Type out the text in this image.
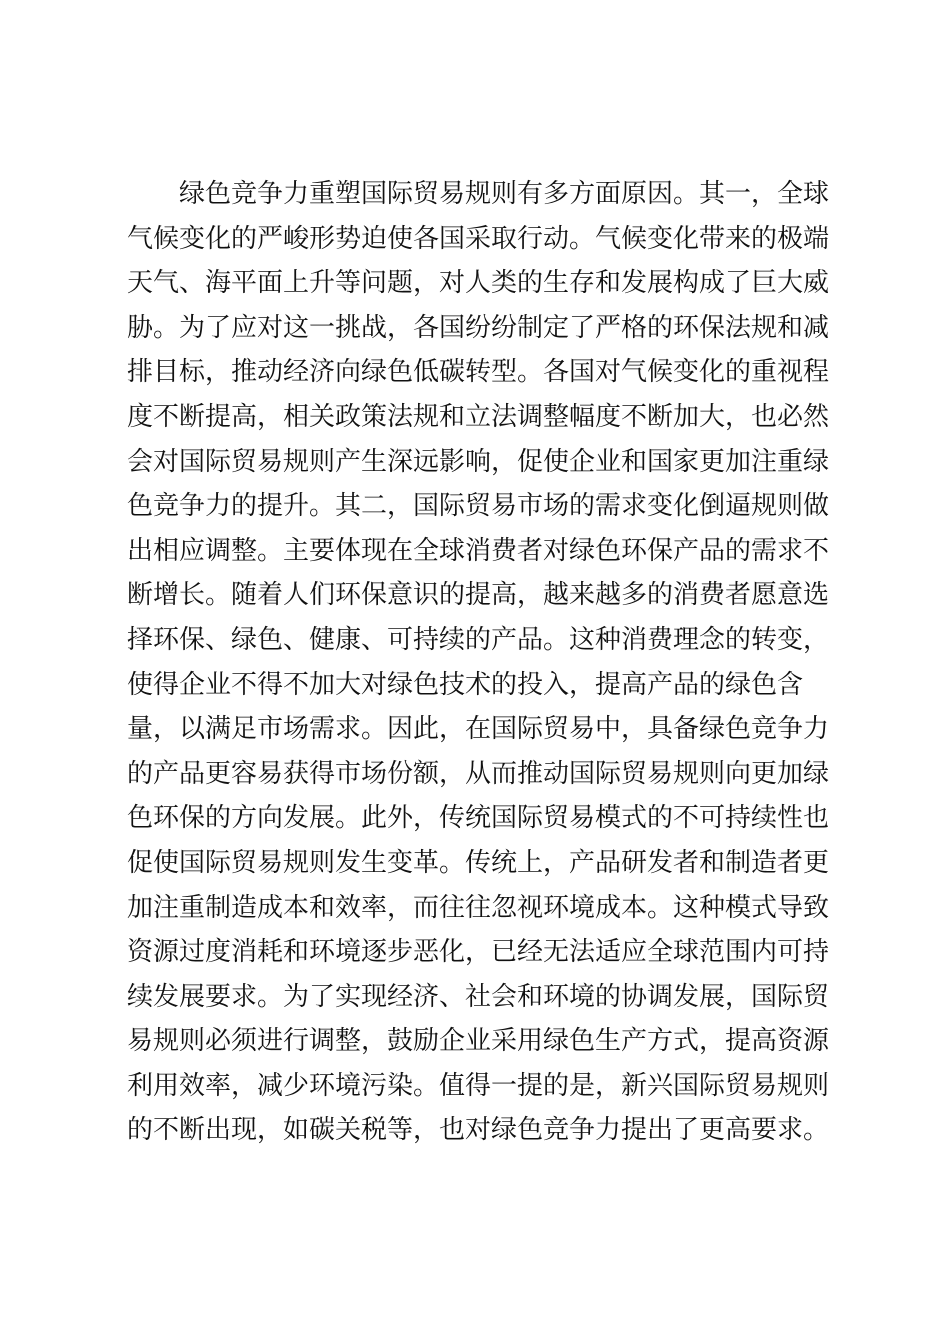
绿色竞争力重塑国际贸易规则有多方面原因。其一，全球
气候变化的严峻形势迫使各国采取行动。气候变化带来的极端
天气、海平面上升等问题，对人类的生存和发展构成了巨大威
胁。为了应对这一挑战，各国纷纷制定了严格的环保法规和减
排目标，推动经济向绿色低碳转型。各国对气候变化的重视程
度不断提高，相关政策法规和立法调整幅度不断加大，也必然
会对国际贸易规则产生深远影响，促使企业和国家更加注重绿
色竞争力的提升。其二，国际贸易市场的需求变化倒逼规则做
出相应调整。主要体现在全球消费者对绿色环保产品的需求不
断增长。随着人们环保意识的提高，越来越多的消费者愿意选
择环保、绿色、健康、可持续的产品。这种消费理念的转变，
使得企业不得不加大对绿色技术的投入，提高产品的绿色含
量，以满足市场需求。因此，在国际贸易中，具备绿色竞争力
的产品更容易获得市场份额，从而推动国际贸易规则向更加绿
色环保的方向发展。此外，传统国际贸易模式的不可持续性也
促使国际贸易规则发生变革。传统上，产品研发者和制造者更
加注重制造成本和效率，而往往忽视环境成本。这种模式导致
资源过度消耗和环境逐步恶化，已经无法适应全球范围内可持
续发展要求。为了实现经济、社会和环境的协调发展，国际贸
易规则必须进行调整，鼓励企业采用绿色生产方式，提高资源
利用效率，减少环境污染。值得一提的是，新兴国际贸易规则
的不断出现，如碳关税等，也对绿色竞争力提出了更高要求。
